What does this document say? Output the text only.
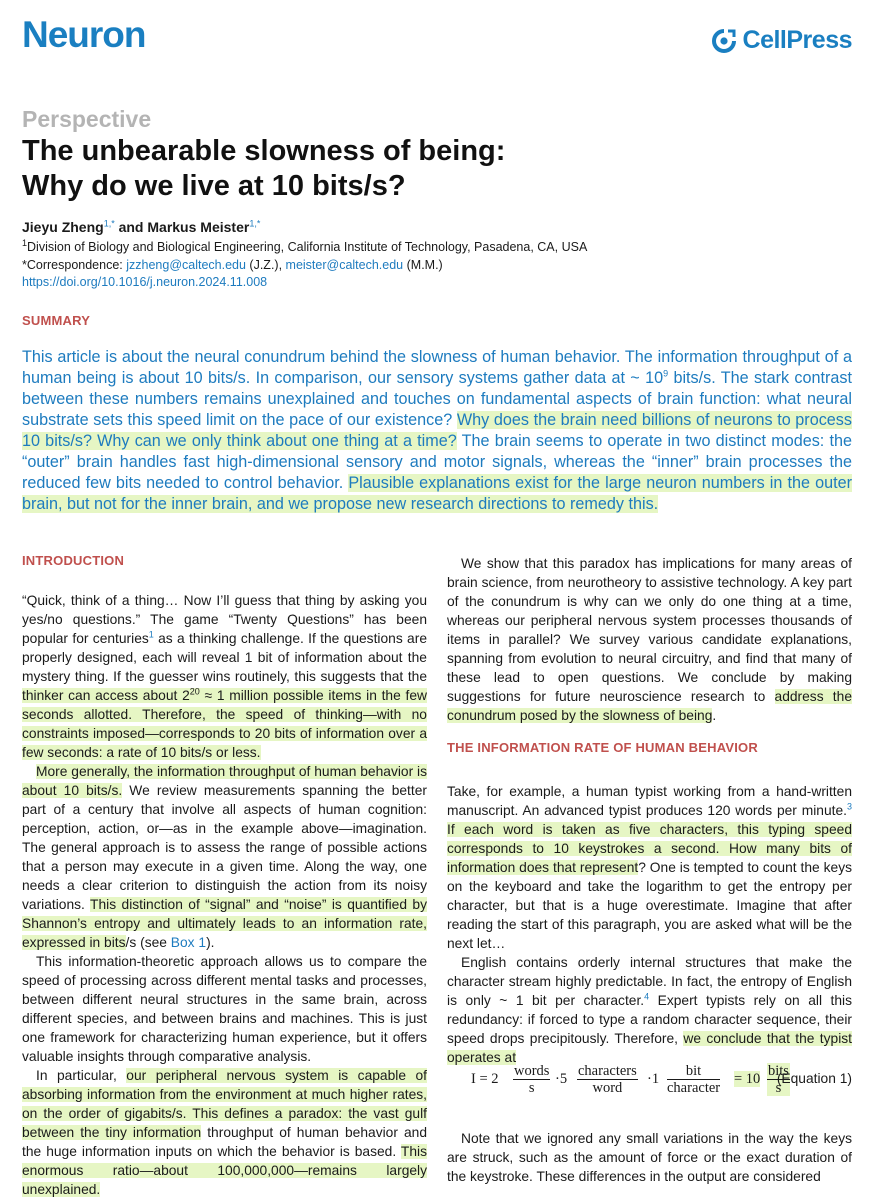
Neuron	CellPress
Perspective
The unbearable slowness of being:
Why do we live at 10 bits/s?
Jieyu Zheng$^{1,*}$ and Markus Meister$^{1,*}$
$^1$Division of Biology and Biological Engineering, California Institute of Technology, Pasadena, CA, USA
*Correspondence: jzzheng@caltech.edu (J.Z.), meister@caltech.edu (M.M.)
https://doi.org/10.1016/j.neuron.2024.11.008
SUMMARY
This article is about the neural conundrum behind the slowness of human behavior. The information throughput of a human being is about 10 bits/s. In comparison, our sensory systems gather data at ~ $10^9$ bits/s. The stark contrast between these numbers remains unexplained and touches on fundamental aspects of brain function: what neural substrate sets this speed limit on the pace of our existence? Why does the brain need billions of neurons to process 10 bits/s? Why can we only think about one thing at a time? The brain seems to operate in two distinct modes: the “outer” brain handles fast high-dimensional sensory and motor signals, whereas the “inner” brain processes the reduced few bits needed to control behavior. Plausible explanations exist for the large neuron numbers in the outer brain, but not for the inner brain, and we propose new research directions to remedy this.
INTRODUCTION

“Quick, think of a thing… Now I’ll guess that thing by asking you yes/no questions.” The game “Twenty Questions” has been popular for centuries$^1$ as a thinking challenge. If the questions are properly designed, each will reveal 1 bit of information about the mystery thing. If the guesser wins routinely, this suggests that the thinker can access about $2^{20} \approx 1$ million possible items in the few seconds allotted. Therefore, the speed of thinking—with no constraints imposed—corresponds to 20 bits of information over a few seconds: a rate of 10 bits/s or less.

More generally, the information throughput of human behavior is about 10 bits/s. We review measurements spanning the better part of a century that involve all aspects of human cognition: perception, action, or—as in the example above—imagination. The general approach is to assess the range of possible actions that a person may execute in a given time. Along the way, one needs a clear criterion to distinguish the action from its noisy variations. This distinction of “signal” and “noise” is quantified by Shannon’s entropy and ultimately leads to an information rate, expressed in bits/s (see Box 1).

This information-theoretic approach allows us to compare the speed of processing across different mental tasks and processes, between different neural structures in the same brain, across different species, and between brains and machines. This is just one framework for characterizing human experience, but it offers valuable insights through comparative analysis.

In particular, our peripheral nervous system is capable of absorbing information from the environment at much higher rates, on the order of gigabits/s. This defines a paradox: the vast gulf between the tiny information throughput of human behavior and the huge information inputs on which the behavior is based. This enormous ratio—about 100,000,000—remains largely unexplained.

We show that this paradox has implications for many areas of brain science, from neurotheory to assistive technology. A key part of the conundrum is why can we only do one thing at a time, whereas our peripheral nervous system processes thousands of items in parallel? We survey various candidate explanations, spanning from evolution to neural circuitry, and find that many of these lead to open questions. We conclude by making suggestions for future neuroscience research to address the conundrum posed by the slowness of being.

THE INFORMATION RATE OF HUMAN BEHAVIOR

Take, for example, a human typist working from a hand-written manuscript. An advanced typist produces 120 words per minute.$^3$ If each word is taken as five characters, this typing speed corresponds to 10 keystrokes a second. How many bits of information does that represent? One is tempted to count the keys on the keyboard and take the logarithm to get the entropy per character, but that is a huge overestimate. Imagine that after reading the start of this paragraph, you are asked what will be the next let…

English contains orderly internal structures that make the character stream highly predictable. In fact, the entropy of English is only ~ 1 bit per character.$^4$ Expert typists rely on all this redundancy: if forced to type a random character sequence, their speed drops precipitously. Therefore, we conclude that the typist operates at

I = 2 words
s
·5 characters
word
·1	bit
character
= 10 bits
s
(Equation 1)

Note that we ignored any small variations in the way the keys are struck, such as the amount of force or the exact duration of the keystroke. These differences in the output are considered
